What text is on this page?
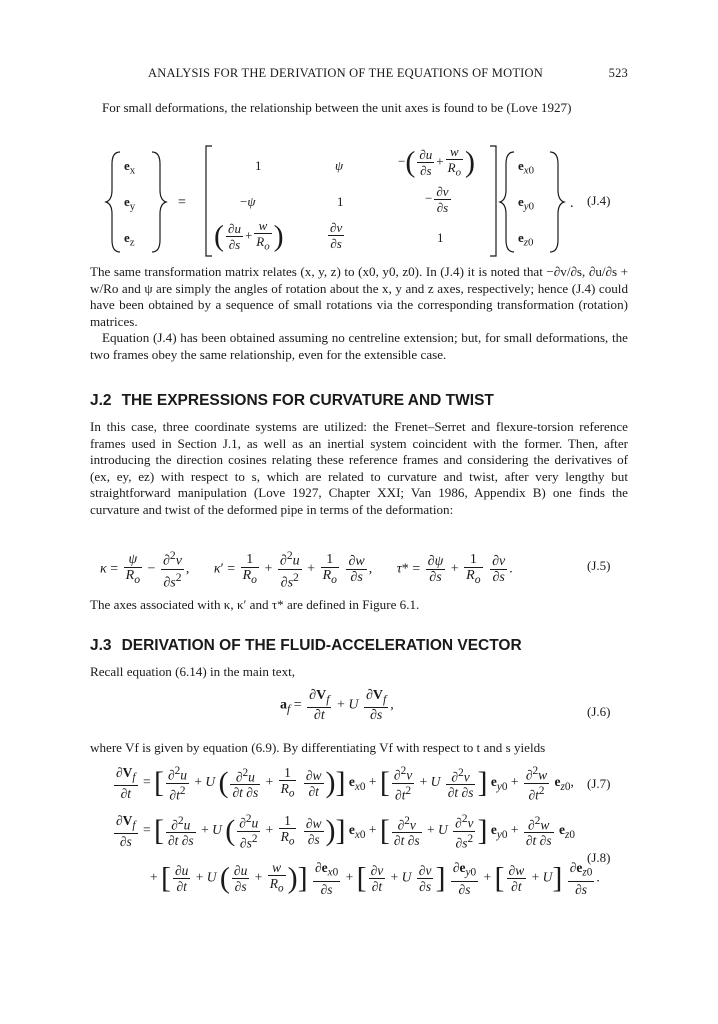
ANALYSIS FOR THE DERIVATION OF THE EQUATIONS OF MOTION	523

For small deformations, the relationship between the unit axes is found to be (Love 1927)

=	.
$e_x$
$e_y$
$e_z$
1	ψ	−( $\frac{\partial u}{\partial s} + \frac{w}{R_o}$ )
−ψ	1	− $\frac{\partial v}{\partial s}$
( $\frac{\partial u}{\partial s} + \frac{w}{R_o}$ )	$\frac{\partial v}{\partial s}$	1
$e_{x0}$
$e_{y0}$
$e_{z0}$
(J.4)

The same transformation matrix relates (x, y, z) to (x0, y0, z0). In (J.4) it is noted that −∂v/∂s, ∂u/∂s + w/Ro and ψ are simply the angles of rotation about the x, y and z axes, respectively; hence (J.4) could have been obtained by a sequence of small rotations via the corresponding transformation (rotation) matrices.

Equation (J.4) has been obtained assuming no centreline extension; but, for small deformations, the two frames obey the same relationship, even for the extensible case.

J.2 THE EXPRESSIONS FOR CURVATURE AND TWIST

In this case, three coordinate systems are utilized: the Frenet–Serret and flexure-torsion reference frames used in Section J.1, as well as an inertial system coincident with the former. Then, after introducing the direction cosines relating these reference frames and considering the derivatives of (ex, ey, ez) with respect to s, which are related to curvature and twist, after very lengthy but straightforward manipulation (Love 1927, Chapter XXI; Van 1986, Appendix B) one finds the curvature and twist of the deformed pipe in terms of the deformation:

$\kappa = \frac{\psi}{R_o} - \frac{\partial^2v}{\partial s^2}$ ,       $\kappa' = \frac{1}{R_o} + \frac{\partial^2u}{\partial s^2} + \frac{1}{R_o}$
$\frac{\partial w}{\partial s}$ ,       $\tau* = \frac{\partial\psi}{\partial s} + \frac{1}{R_o}$
$\frac{\partial v}{\partial s}$ .	(J.5)

The axes associated with κ, κ′ and τ* are defined in Figure 6.1.

J.3 DERIVATION OF THE FLUID-ACCELERATION VECTOR

Recall equation (6.14) in the main text,

$a_f = \frac{\partial V_f}{\partial t} + U \frac{\partial V_f}{\partial s}$ ,	(J.6)

where Vf is given by equation (6.9). By differentiating Vf with respect to t and s yields

$\frac{\partial V_f}{\partial t}$ = [ $\frac{\partial^2u}{\partial t^2} + U$ ( $\frac{\partial^2u}{\partial t \partial s} + \frac{1}{R_o}$
$\frac{\partial w}{\partial t}$ )] $e_{x0}$ + [ $\frac{\partial^2v}{\partial t^2} + U \frac{\partial^2v}{\partial t \partial s}$ ] $e_{y0} + \frac{\partial^2w}{\partial t^2} e_{z0}$, (J.7)
$\frac{\partial V_f}{\partial s}$ = [ $\frac{\partial^2u}{\partial t \partial s} + U$ ( $\frac{\partial^2u}{\partial s^2} + \frac{1}{R_o}$
$\frac{\partial w}{\partial s}$ )] $e_{x0}$ + [ $\frac{\partial^2v}{\partial t \partial s} + U \frac{\partial^2v}{\partial s^2}$ ] $e_{y0} + \frac{\partial^2w}{\partial t \partial s} e_{z0}$
(J.8)
+ [ $\frac{\partial u}{\partial t} + U$ ( $\frac{\partial u}{\partial s} + \frac{w}{R_o}$ )] $\frac{\partial e_{x0}}{\partial s}$ + [ $\frac{\partial v}{\partial t} + U \frac{\partial v}{\partial s}$ ] $\frac{\partial e_{y0}}{\partial s}$ + [ $\frac{\partial w}{\partial t} + U] \frac{\partial e_{z0}}{\partial s}$ .
